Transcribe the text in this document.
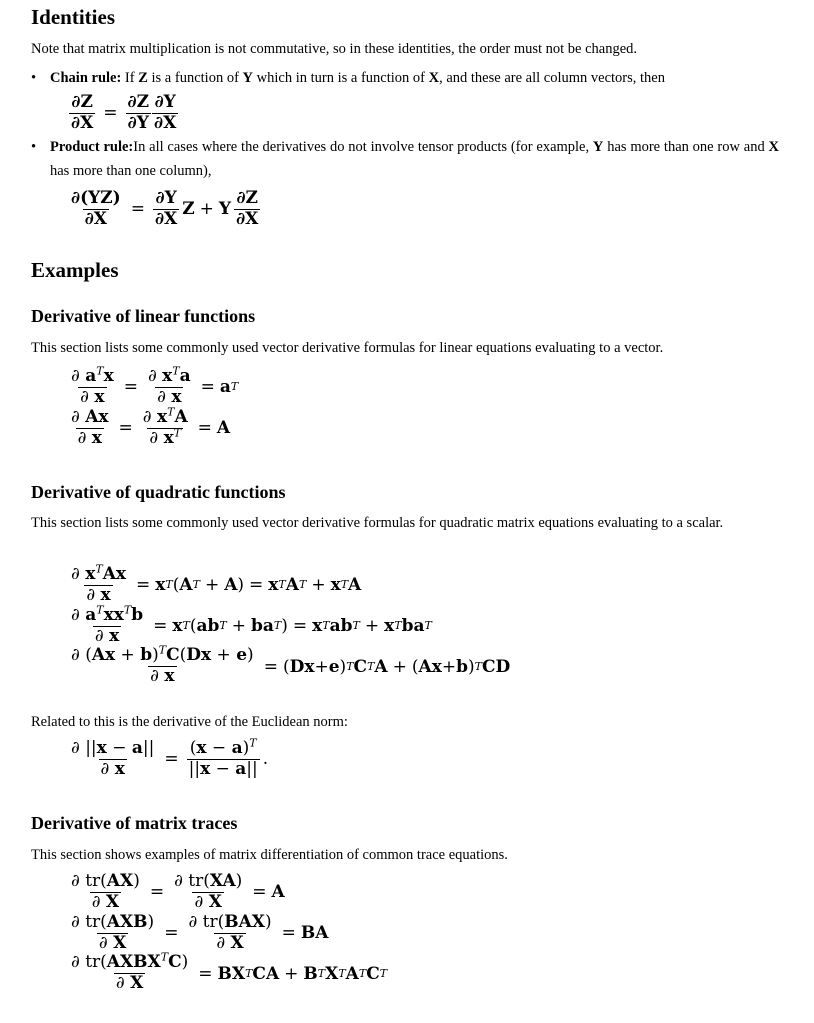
Identities

Note that matrix multiplication is not commutative, so in these identities, the order must not be changed.

• Chain rule: If Z is a function of Y which in turn is a function of X, and these are all column vectors, then
$\frac{\partial Z}{\partial X} = \frac{\partial Z}{\partial Y} \frac{\partial Y}{\partial X}$
• Product rule:In all cases where the derivatives do not involve tensor products (for example, Y has more than one row and X has more than one column),
$\frac{\partial(YZ)}{\partial X} = \frac{\partial Y}{\partial X}$ Z + Y $\frac{\partial Z}{\partial X}$
Examples
Derivative of linear functions

This section lists some commonly used vector derivative formulas for linear equations evaluating to a vector.

$\frac{\partial a^Tx}{\partial x} = \frac{\partial x^Ta}{\partial x} = a$ T
$\frac{\partial Ax}{\partial x} = \frac{\partial x^TA}{\partial x^T} = A$
Derivative of quadratic functions

This section lists some commonly used vector derivative formulas for quadratic matrix equations evaluating to a scalar.

$\frac{\partial x^TAx}{\partial x} = x$ T ( A T + A ) = x T A T + x T A
$\frac{\partial a^Txx^Tb}{\partial x} = x$ T ( ab T + ba T ) = x T ab T + x T ba T
$\frac{\partial (Ax + b)^TC(Dx + e)}{\partial x}$ = ( Dx + e ) T C T A + ( Ax + b ) T CD

Related to this is the derivative of the Euclidean norm:

$\frac{\partial ||x - a||}{\partial x} = \frac{(x - a)^T}{||x - a||}$ .
Derivative of matrix traces

This section shows examples of matrix differentiation of common trace equations.

$\frac{\partial tr(AX)}{\partial X} = \frac{\partial tr(XA)}{\partial X} = A$
$\frac{\text{∂ tr(AXB)}}{\partial X} = \frac{\text{∂ tr(BAX)}}{\partial X}$ = BA
$\frac{\partial tr(AXBX^TC)}{\partial X}$ = BX T CA + B T X T A T C T
